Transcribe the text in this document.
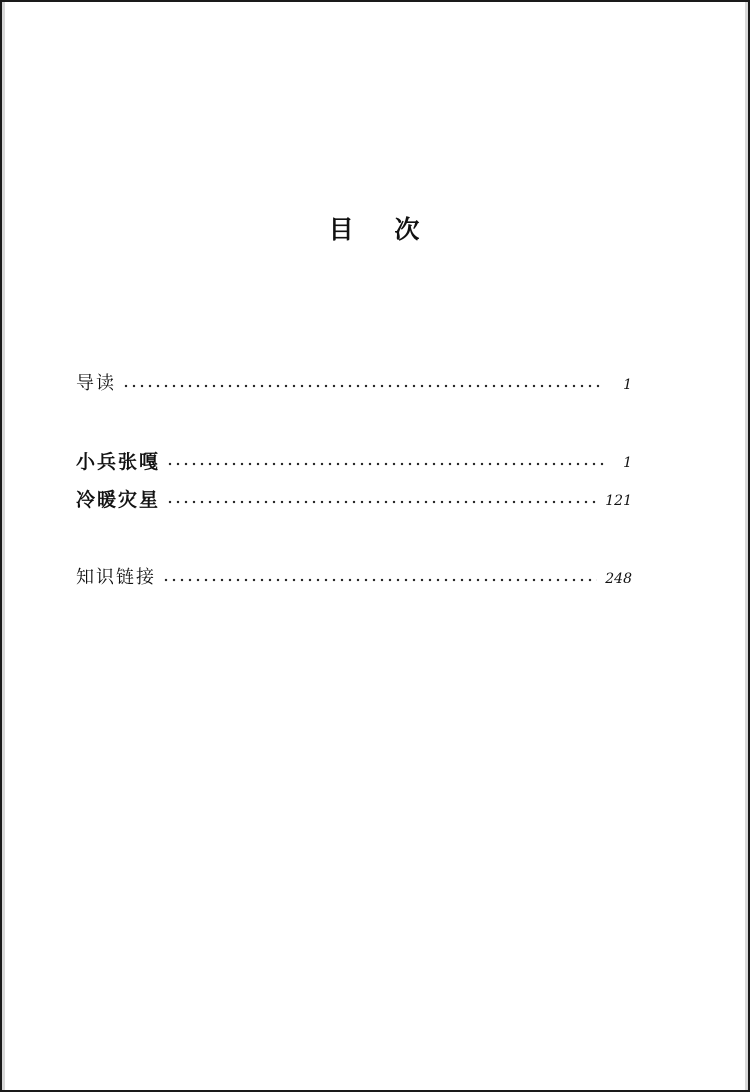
目 次
导读	1
小兵张嘎	1
冷暖灾星	121
知识链接	248
